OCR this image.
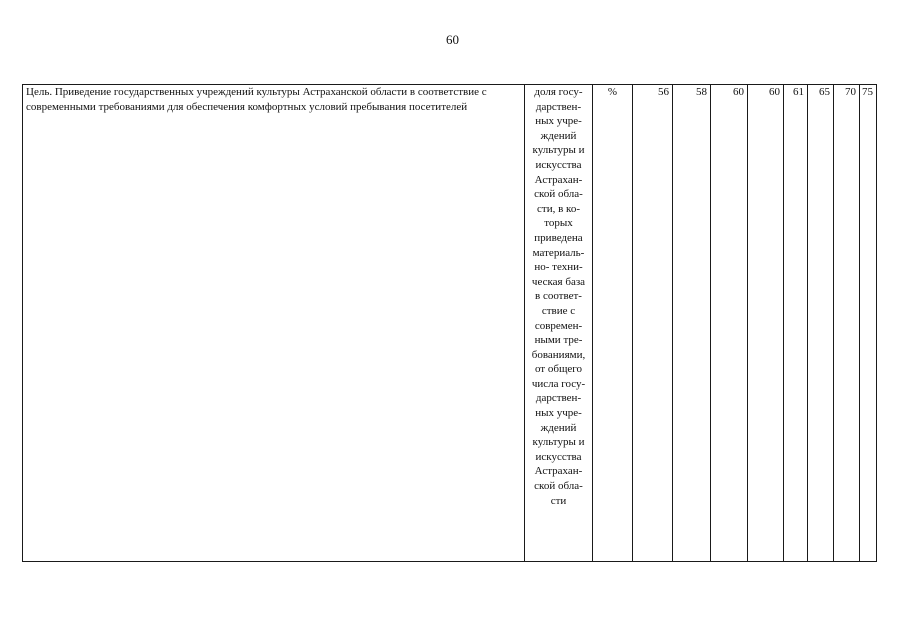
60
Цель. Приведение государственных учреждений культуры Астраханской области в соответствие с современными требованиями для обеспечения комфортных условий пребывания посетителей	доля госу-
дарствен-
ных учре-
ждений
культуры и
искусства
Астрахан-
ской обла-
сти, в ко-
торых
приведена
материаль-
но- техни-
ческая база
в соответ-
ствие с
современ-
ными тре-
бованиями,
от общего
числа госу-
дарствен-
ных учре-
ждений
культуры и
искусства
Астрахан-
ской обла-
сти	%	56	58	60	60	61	65	70	75
